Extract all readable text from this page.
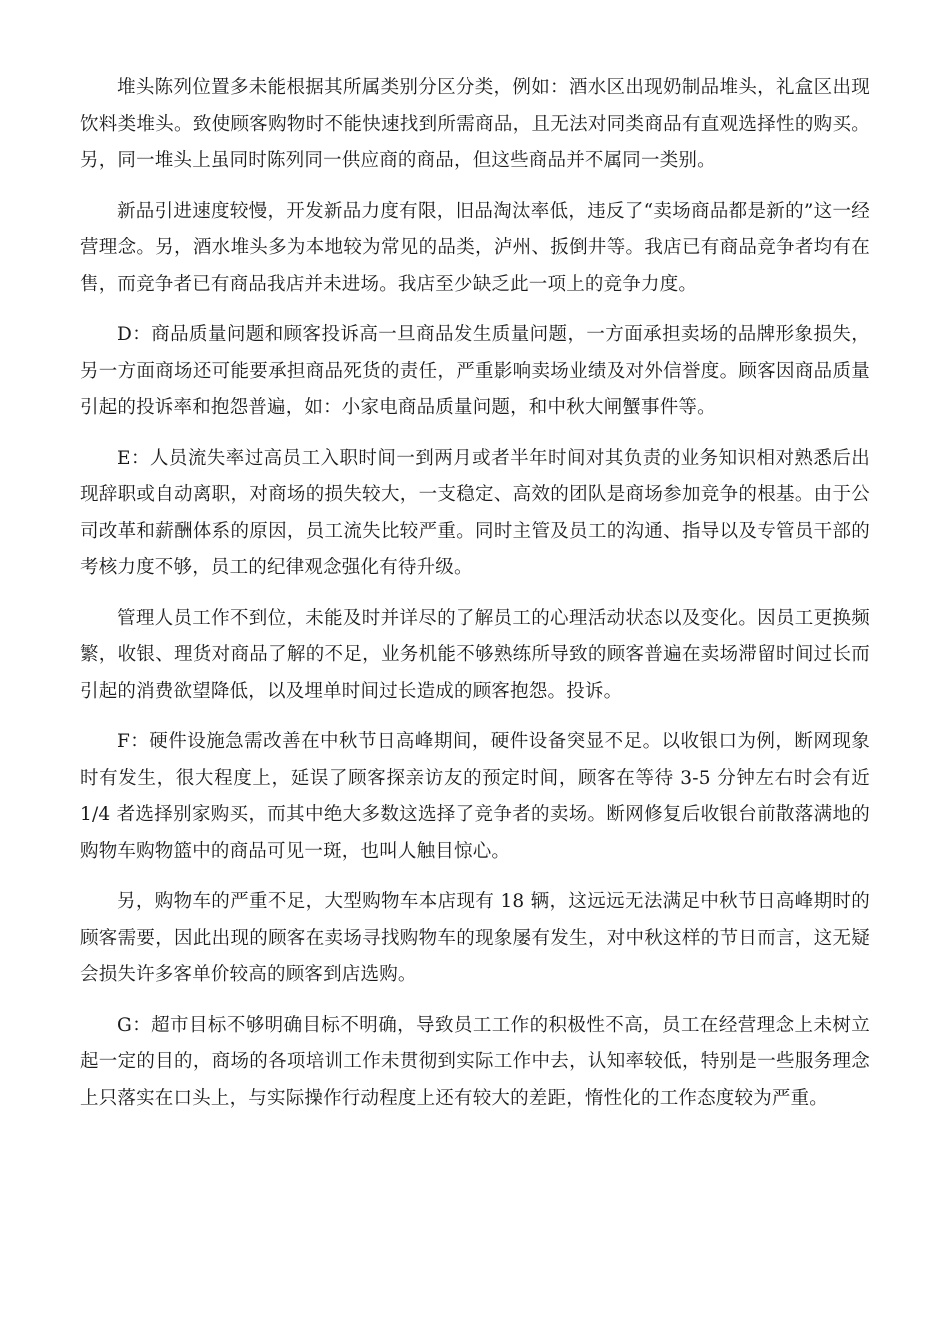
堆头陈列位置多未能根据其所属类别分区分类，例如：酒水区出现奶制品堆头，礼盒区出现饮料类堆头。致使顾客购物时不能快速找到所需商品，且无法对同类商品有直观选择性的购买。另，同一堆头上虽同时陈列同一供应商的商品，但这些商品并不属同一类别。

新品引进速度较慢，开发新品力度有限，旧品淘汰率低，违反了“卖场商品都是新的”这一经营理念。另，酒水堆头多为本地较为常见的品类，泸州、扳倒井等。我店已有商品竞争者均有在售，而竞争者已有商品我店并未进场。我店至少缺乏此一项上的竞争力度。

D：商品质量问题和顾客投诉高一旦商品发生质量问题，一方面承担卖场的品牌形象损失，另一方面商场还可能要承担商品死货的责任，严重影响卖场业绩及对外信誉度。顾客因商品质量引起的投诉率和抱怨普遍，如：小家电商品质量问题，和中秋大闸蟹事件等。

E：人员流失率过高员工入职时间一到两月或者半年时间对其负责的业务知识相对熟悉后出现辞职或自动离职，对商场的损失较大，一支稳定、高效的团队是商场参加竞争的根基。由于公司改革和薪酬体系的原因，员工流失比较严重。同时主管及员工的沟通、指导以及专管员干部的考核力度不够，员工的纪律观念强化有待升级。

管理人员工作不到位，未能及时并详尽的了解员工的心理活动状态以及变化。因员工更换频繁，收银、理货对商品了解的不足，业务机能不够熟练所导致的顾客普遍在卖场滞留时间过长而引起的消费欲望降低，以及埋单时间过长造成的顾客抱怨。投诉。

F：硬件设施急需改善在中秋节日高峰期间，硬件设备突显不足。以收银口为例，断网现象时有发生，很大程度上，延误了顾客探亲访友的预定时间，顾客在等待 3-5 分钟左右时会有近 1/4 者选择别家购买，而其中绝大多数这选择了竞争者的卖场。断网修复后收银台前散落满地的购物车购物篮中的商品可见一斑，也叫人触目惊心。

另，购物车的严重不足，大型购物车本店现有 18 辆，这远远无法满足中秋节日高峰期时的顾客需要，因此出现的顾客在卖场寻找购物车的现象屡有发生，对中秋这样的节日而言，这无疑会损失许多客单价较高的顾客到店选购。

G：超市目标不够明确目标不明确，导致员工工作的积极性不高，员工在经营理念上未树立起一定的目的，商场的各项培训工作未贯彻到实际工作中去，认知率较低，特别是一些服务理念上只落实在口头上，与实际操作行动程度上还有较大的差距，惰性化的工作态度较为严重。
